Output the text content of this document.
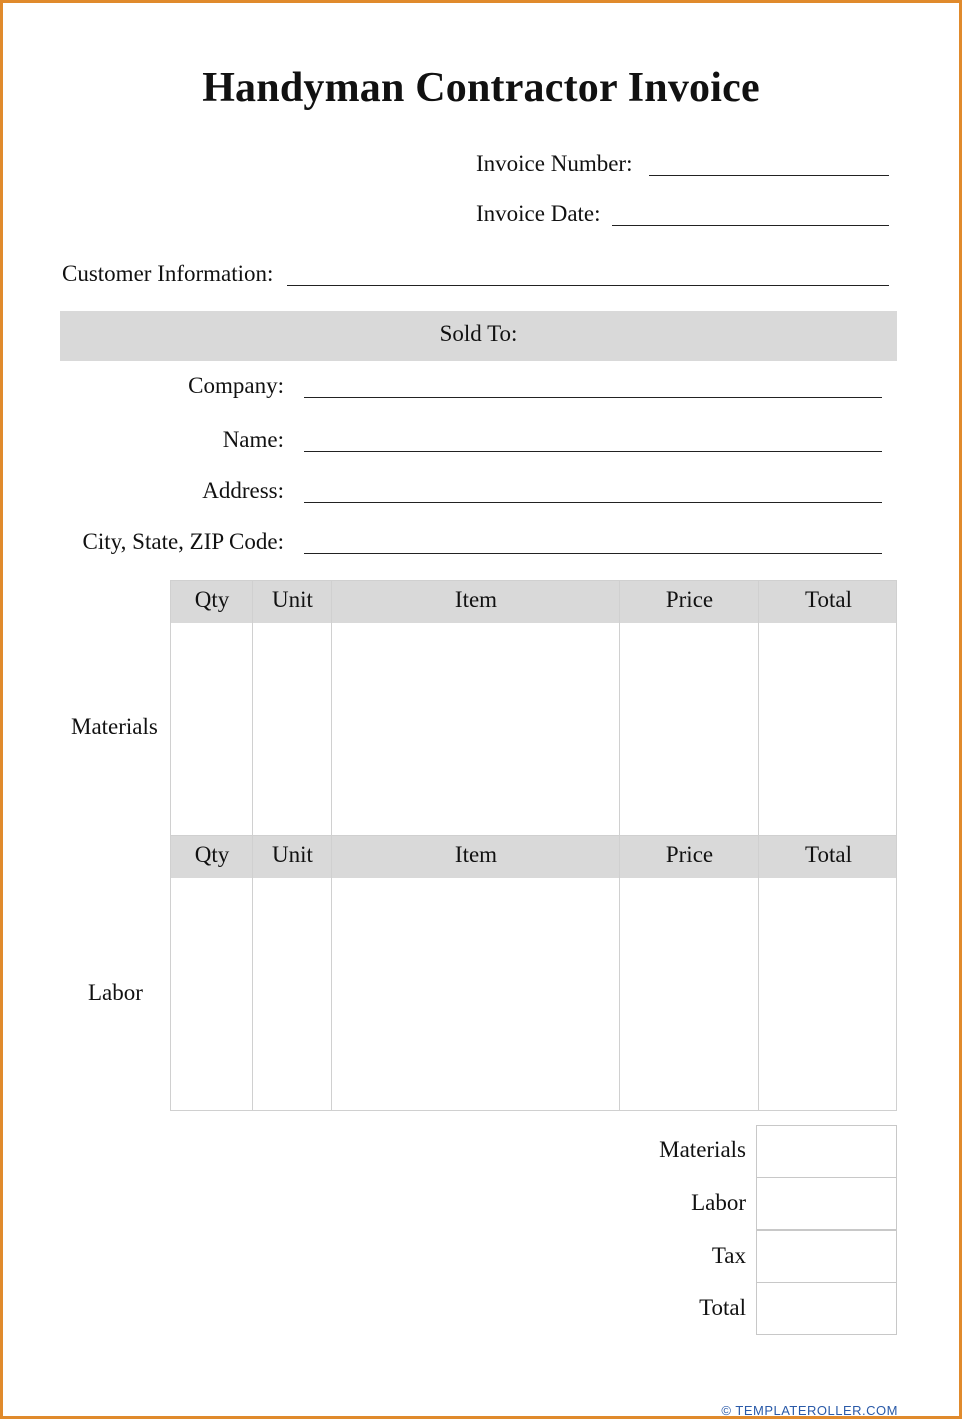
Handyman Contractor Invoice
Invoice Number:
Invoice Date:
Customer Information:
Sold To:
Company:
Name:
Address:
City, State, ZIP Code:
Materials
Qty	Unit	Item	Price	Total
Labor
Qty	Unit	Item	Price	Total
Materials
Labor
Tax
Total
© TEMPLATEROLLER.COM
